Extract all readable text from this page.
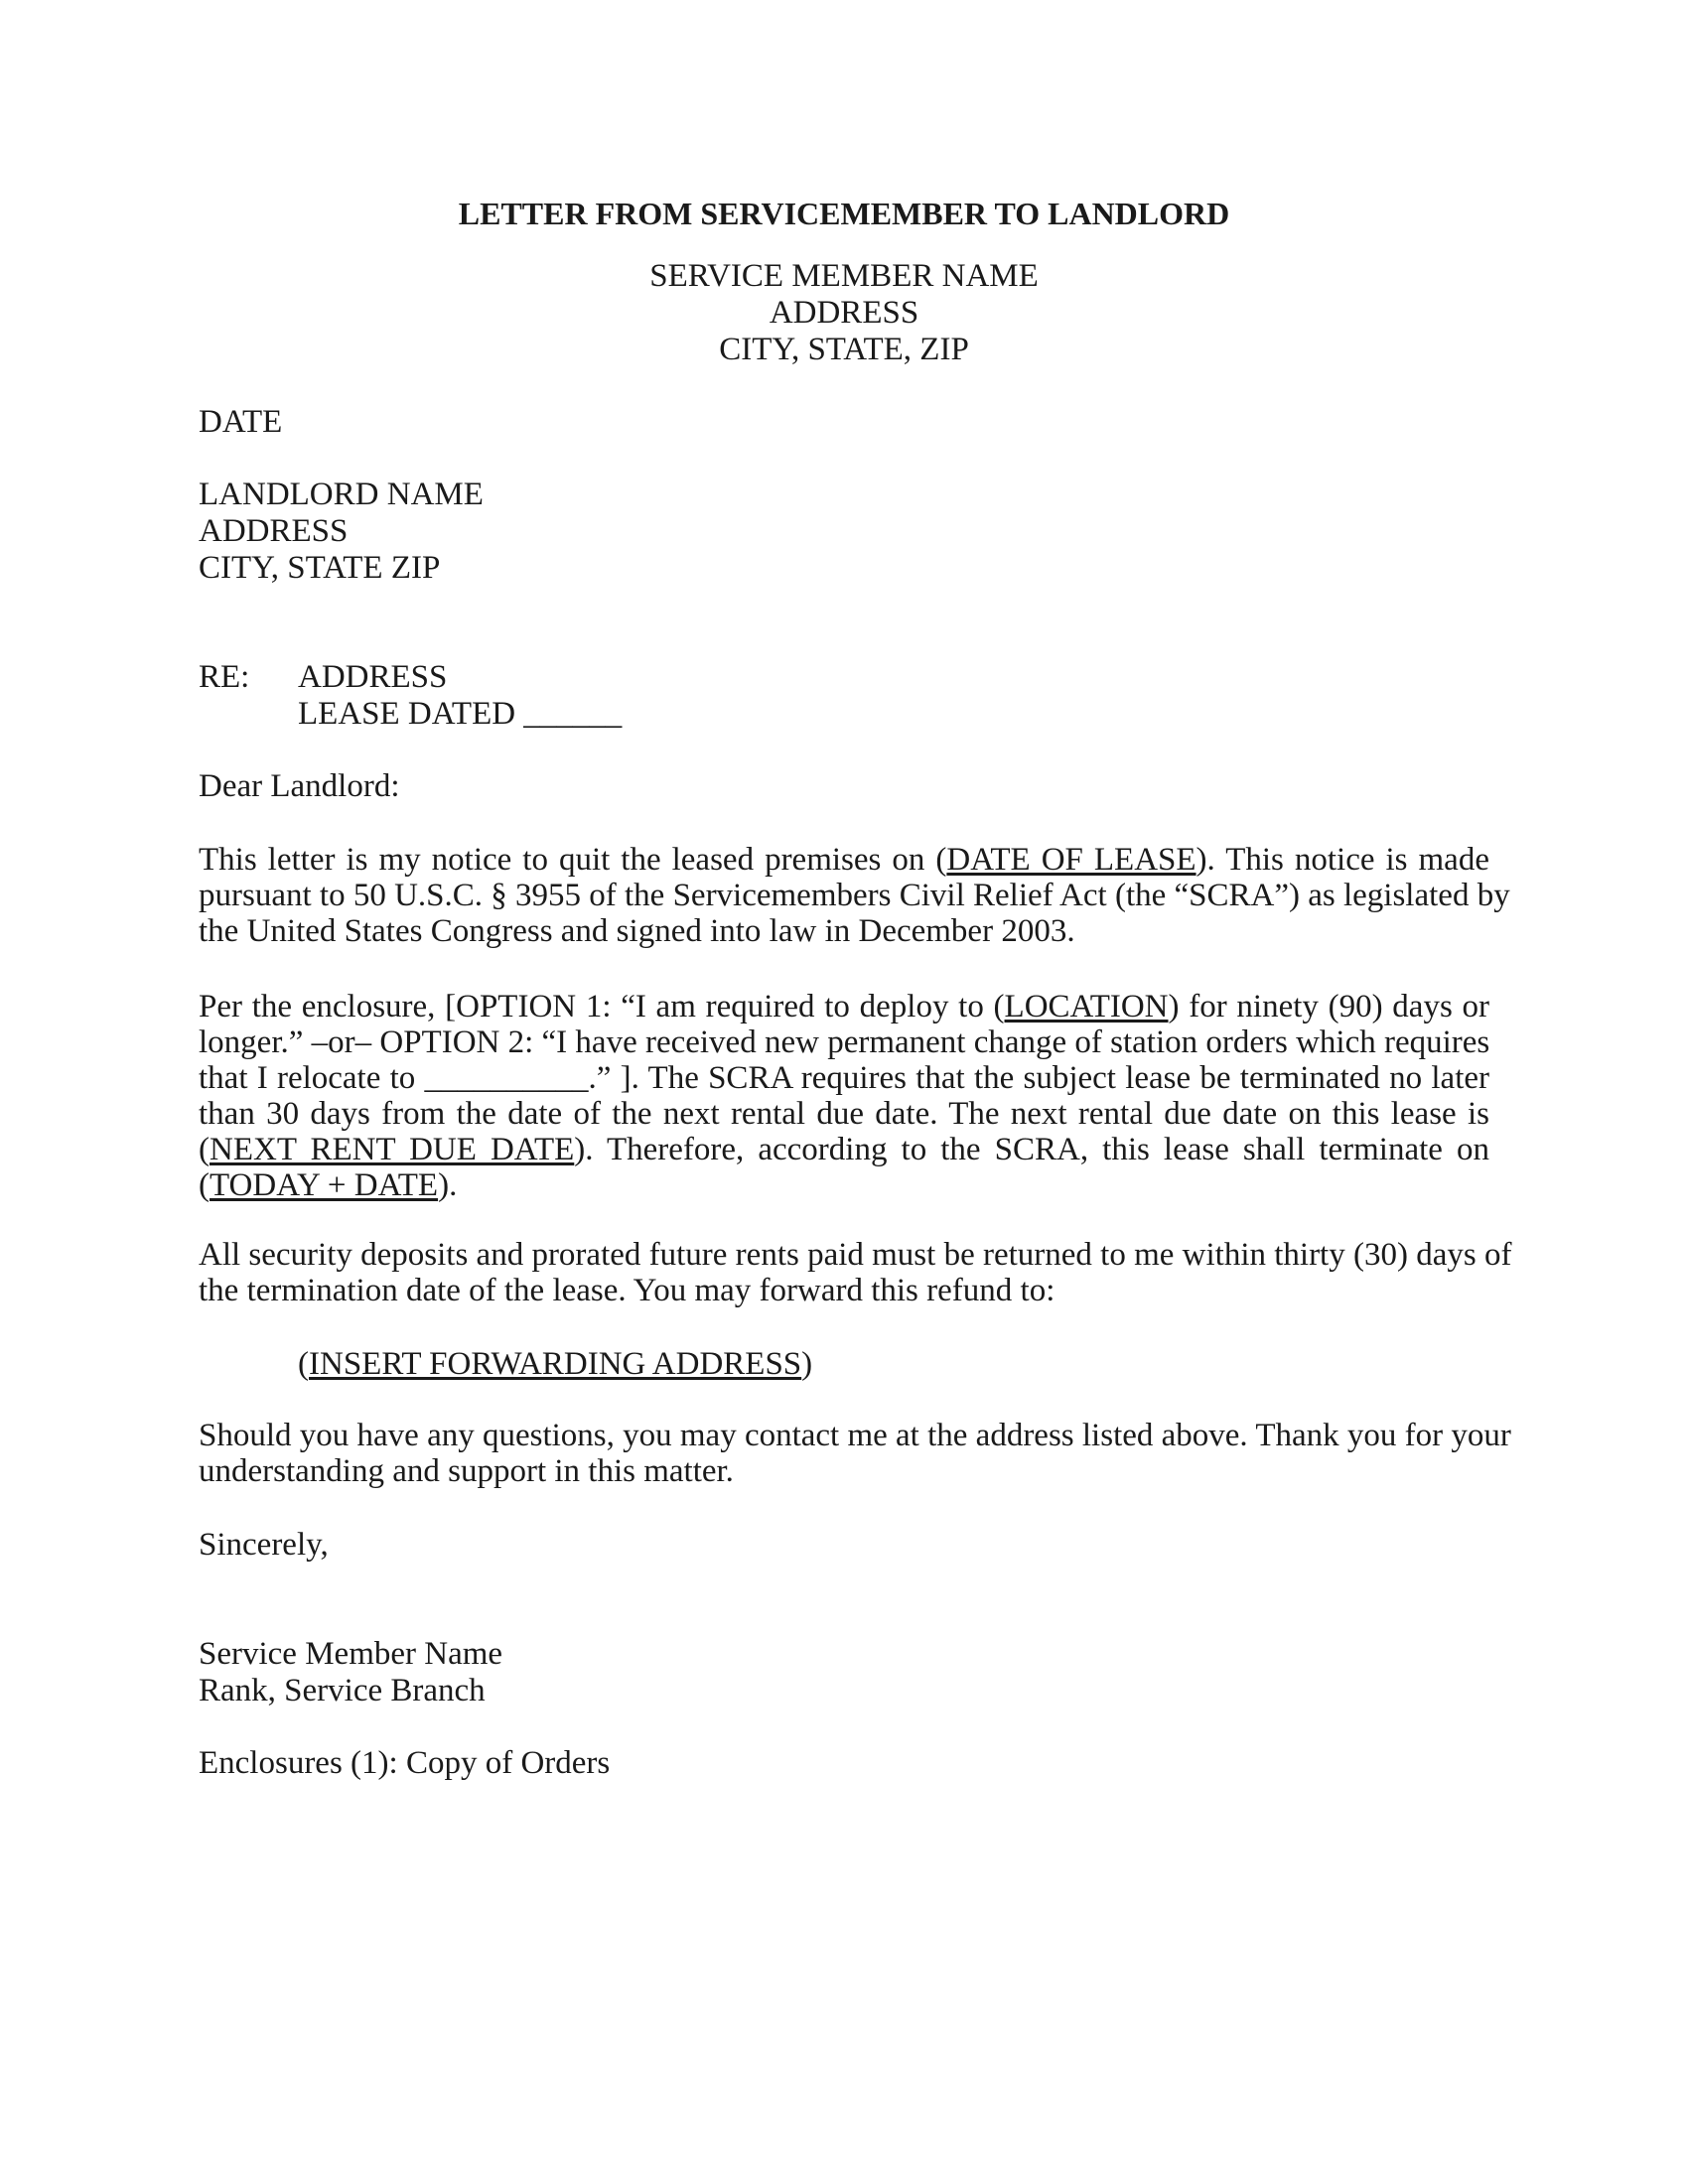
LETTER FROM SERVICEMEMBER TO LANDLORD
SERVICE MEMBER NAME
ADDRESS
CITY, STATE, ZIP
DATE
LANDLORD NAME
ADDRESS
CITY, STATE ZIP
RE: ADDRESS
LEASE DATED ______
Dear Landlord:
This letter is my notice to quit the leased premises on (DATE OF LEASE). This notice is made
pursuant to 50 U.S.C. § 3955 of the Servicemembers Civil Relief Act (the “SCRA”) as legislated by
the United States Congress and signed into law in December 2003.
Per the enclosure, [OPTION 1: “I am required to deploy to (LOCATION) for ninety (90) days or
longer.” –or– OPTION 2: “I have received new permanent change of station orders which requires
that I relocate to __________.” ]. The SCRA requires that the subject lease be terminated no later
than 30 days from the date of the next rental due date. The next rental due date on this lease is
(NEXT RENT DUE DATE). Therefore, according to the SCRA, this lease shall terminate on
(TODAY + DATE).
All security deposits and prorated future rents paid must be returned to me within thirty (30) days of
the termination date of the lease. You may forward this refund to:
(INSERT FORWARDING ADDRESS)
Should you have any questions, you may contact me at the address listed above. Thank you for your
understanding and support in this matter.
Sincerely,
Service Member Name
Rank, Service Branch
Enclosures (1): Copy of Orders
